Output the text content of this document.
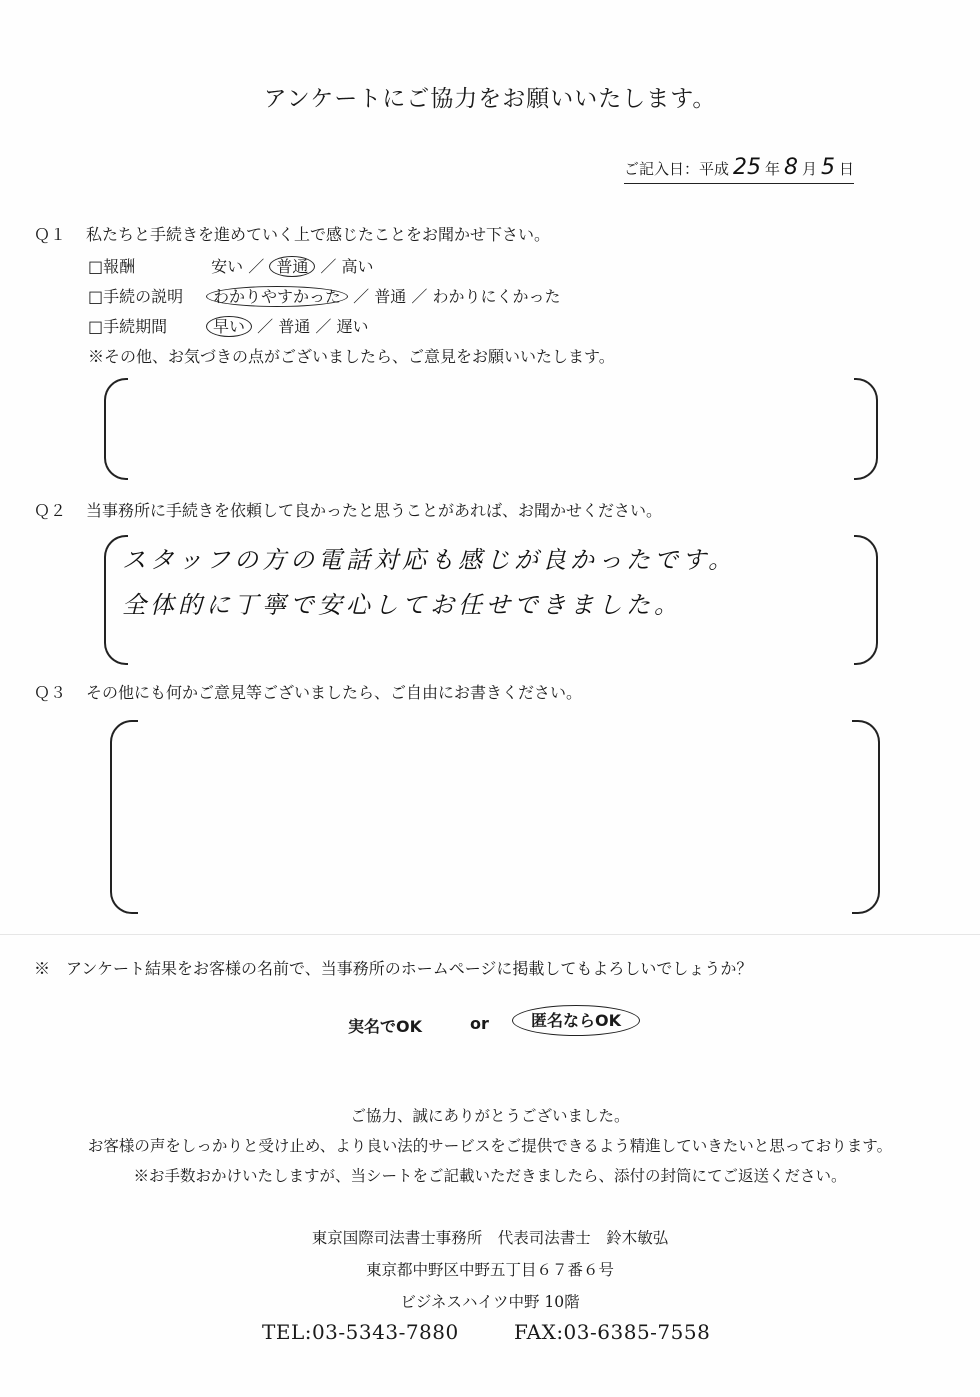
アンケートにご協力をお願いいたします。
ご記入日：平成 25 年 8 月 5 日
Ｑ１ 私たちと手続きを進めていく上で感じたことをお聞かせ下さい。
□報酬	安い ／ 普通 ／ 高い
□手続の説明 わかりやすかった ／ 普通 ／ わかりにくかった
□手続期間	早い ／ 普通 ／ 遅い
※その他、お気づきの点がございましたら、ご意見をお願いいたします。
Ｑ２ 当事務所に手続きを依頼して良かったと思うことがあれば、お聞かせください。
スタッフの方の電話対応も感じが良かったです。
全体的に丁寧で安心してお任せできました。
Ｑ３ その他にも何かご意見等ございましたら、ご自由にお書きください。
※　アンケート結果をお客様の名前で、当事務所のホームページに掲載してもよろしいでしょうか？
実名でOK	or	匿名ならOK
ご協力、誠にありがとうございました。
お客様の声をしっかりと受け止め、より良い法的サービスをご提供できるよう精進していきたいと思っております。
※お手数おかけいたしますが、当シートをご記載いただきましたら、添付の封筒にてご返送ください。
東京国際司法書士事務所　代表司法書士　鈴木敏弘
東京都中野区中野五丁目６７番６号
ビジネスハイツ中野 10階
TEL:03-5343-7880	FAX:03-6385-7558
